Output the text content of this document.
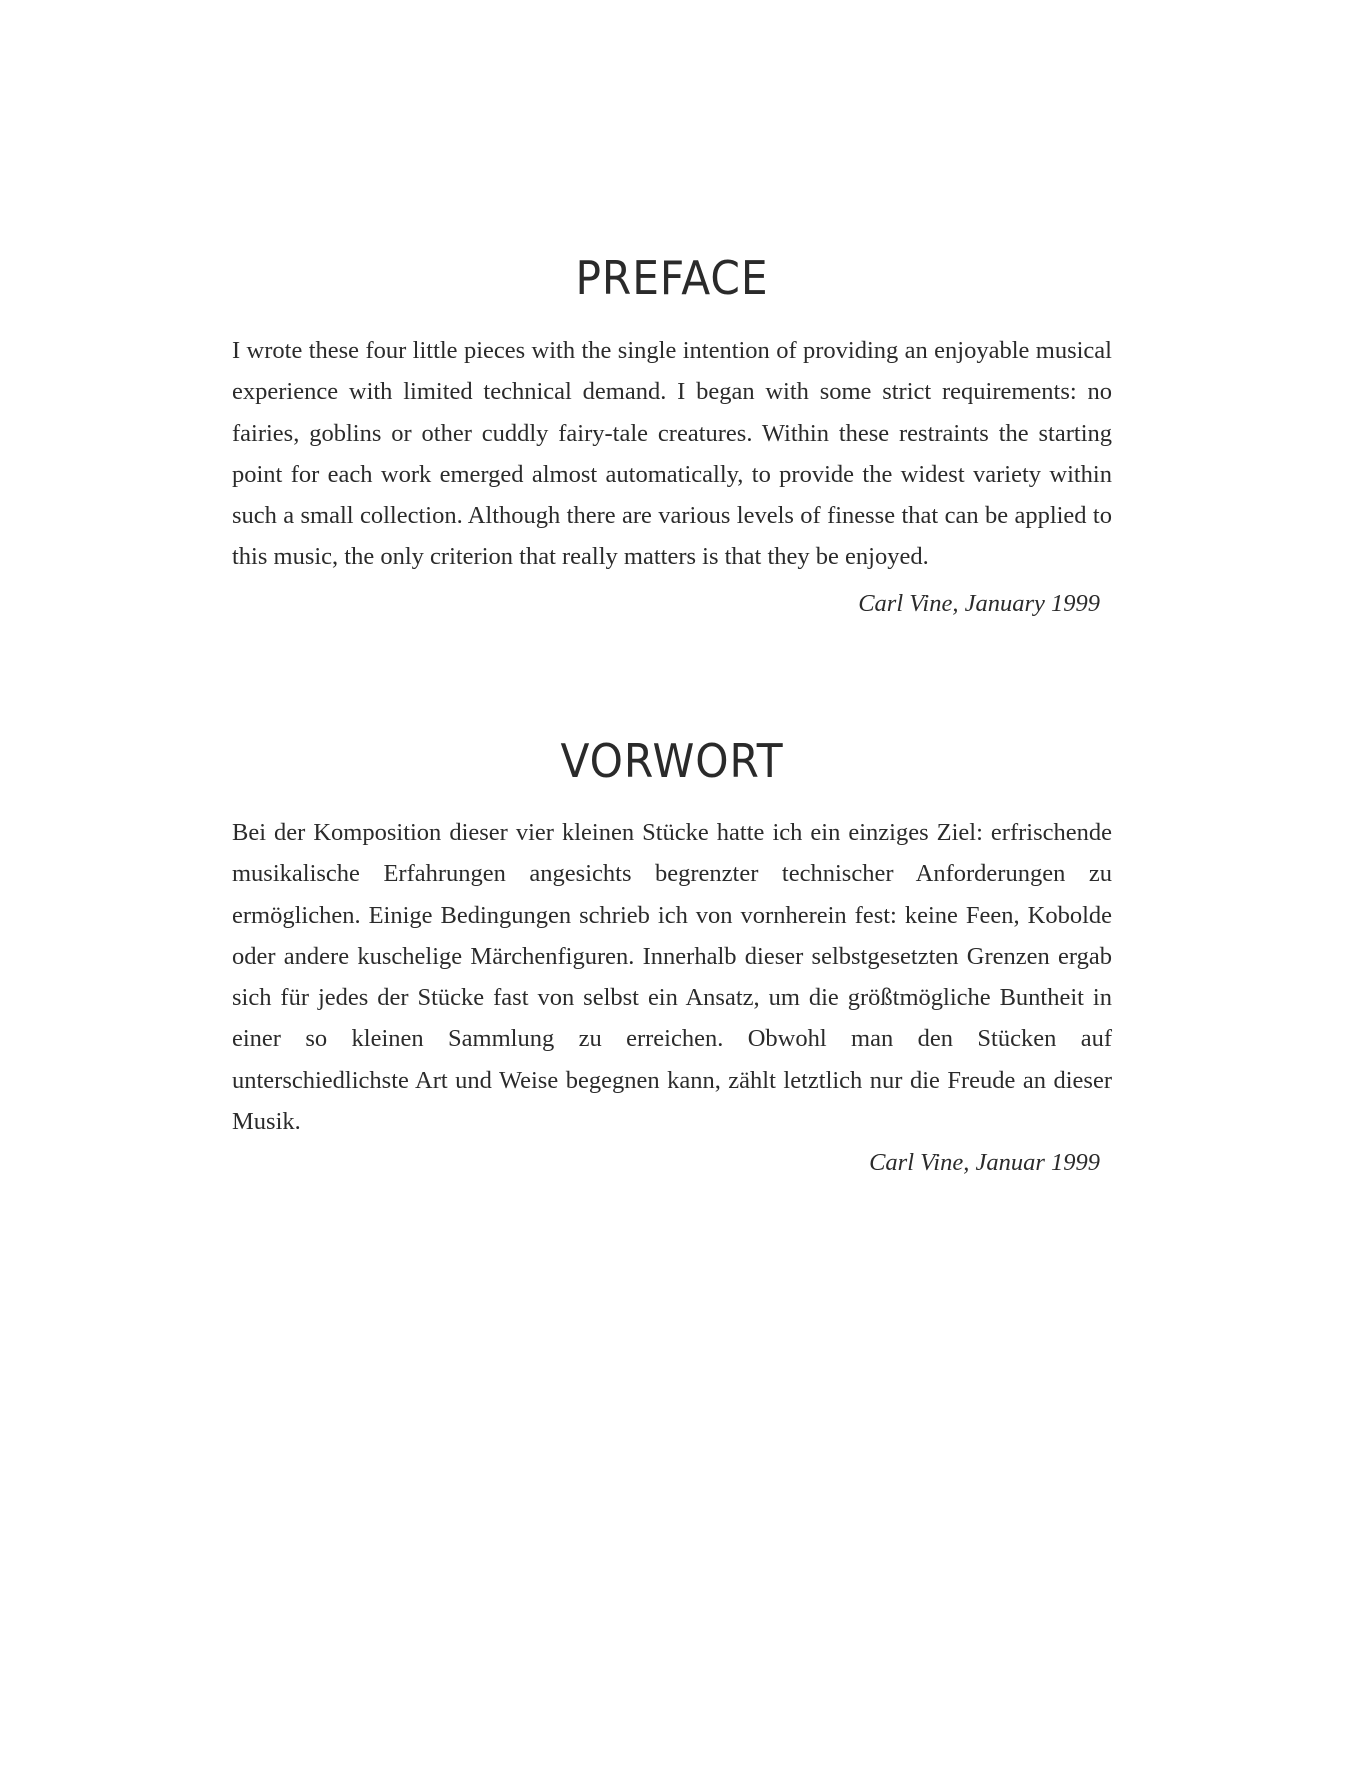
PREFACE

I wrote these four little pieces with the single intention of providing an enjoyable musical experience with limited technical demand. I began with some strict requirements: no fairies, goblins or other cuddly fairy-tale creatures. Within these restraints the starting point for each work emerged almost automatically, to provide the widest variety within such a small collection. Although there are various levels of finesse that can be applied to this music, the only criterion that really matters is that they be enjoyed.

Carl Vine, January 1999

VORWORT

Bei der Komposition dieser vier kleinen Stücke hatte ich ein einziges Ziel: erfrischende musikalische Erfahrungen angesichts begrenzter technischer Anforderungen zu ermöglichen. Einige Bedingungen schrieb ich von vornherein fest: keine Feen, Kobolde oder andere kuschelige Märchenfiguren. Innerhalb dieser selbstgesetzten Grenzen ergab sich für jedes der Stücke fast von selbst ein Ansatz, um die größtmögliche Buntheit in einer so kleinen Sammlung zu erreichen. Obwohl man den Stücken auf unterschiedlichste Art und Weise begegnen kann, zählt letztlich nur die Freude an dieser Musik.

Carl Vine, Januar 1999
